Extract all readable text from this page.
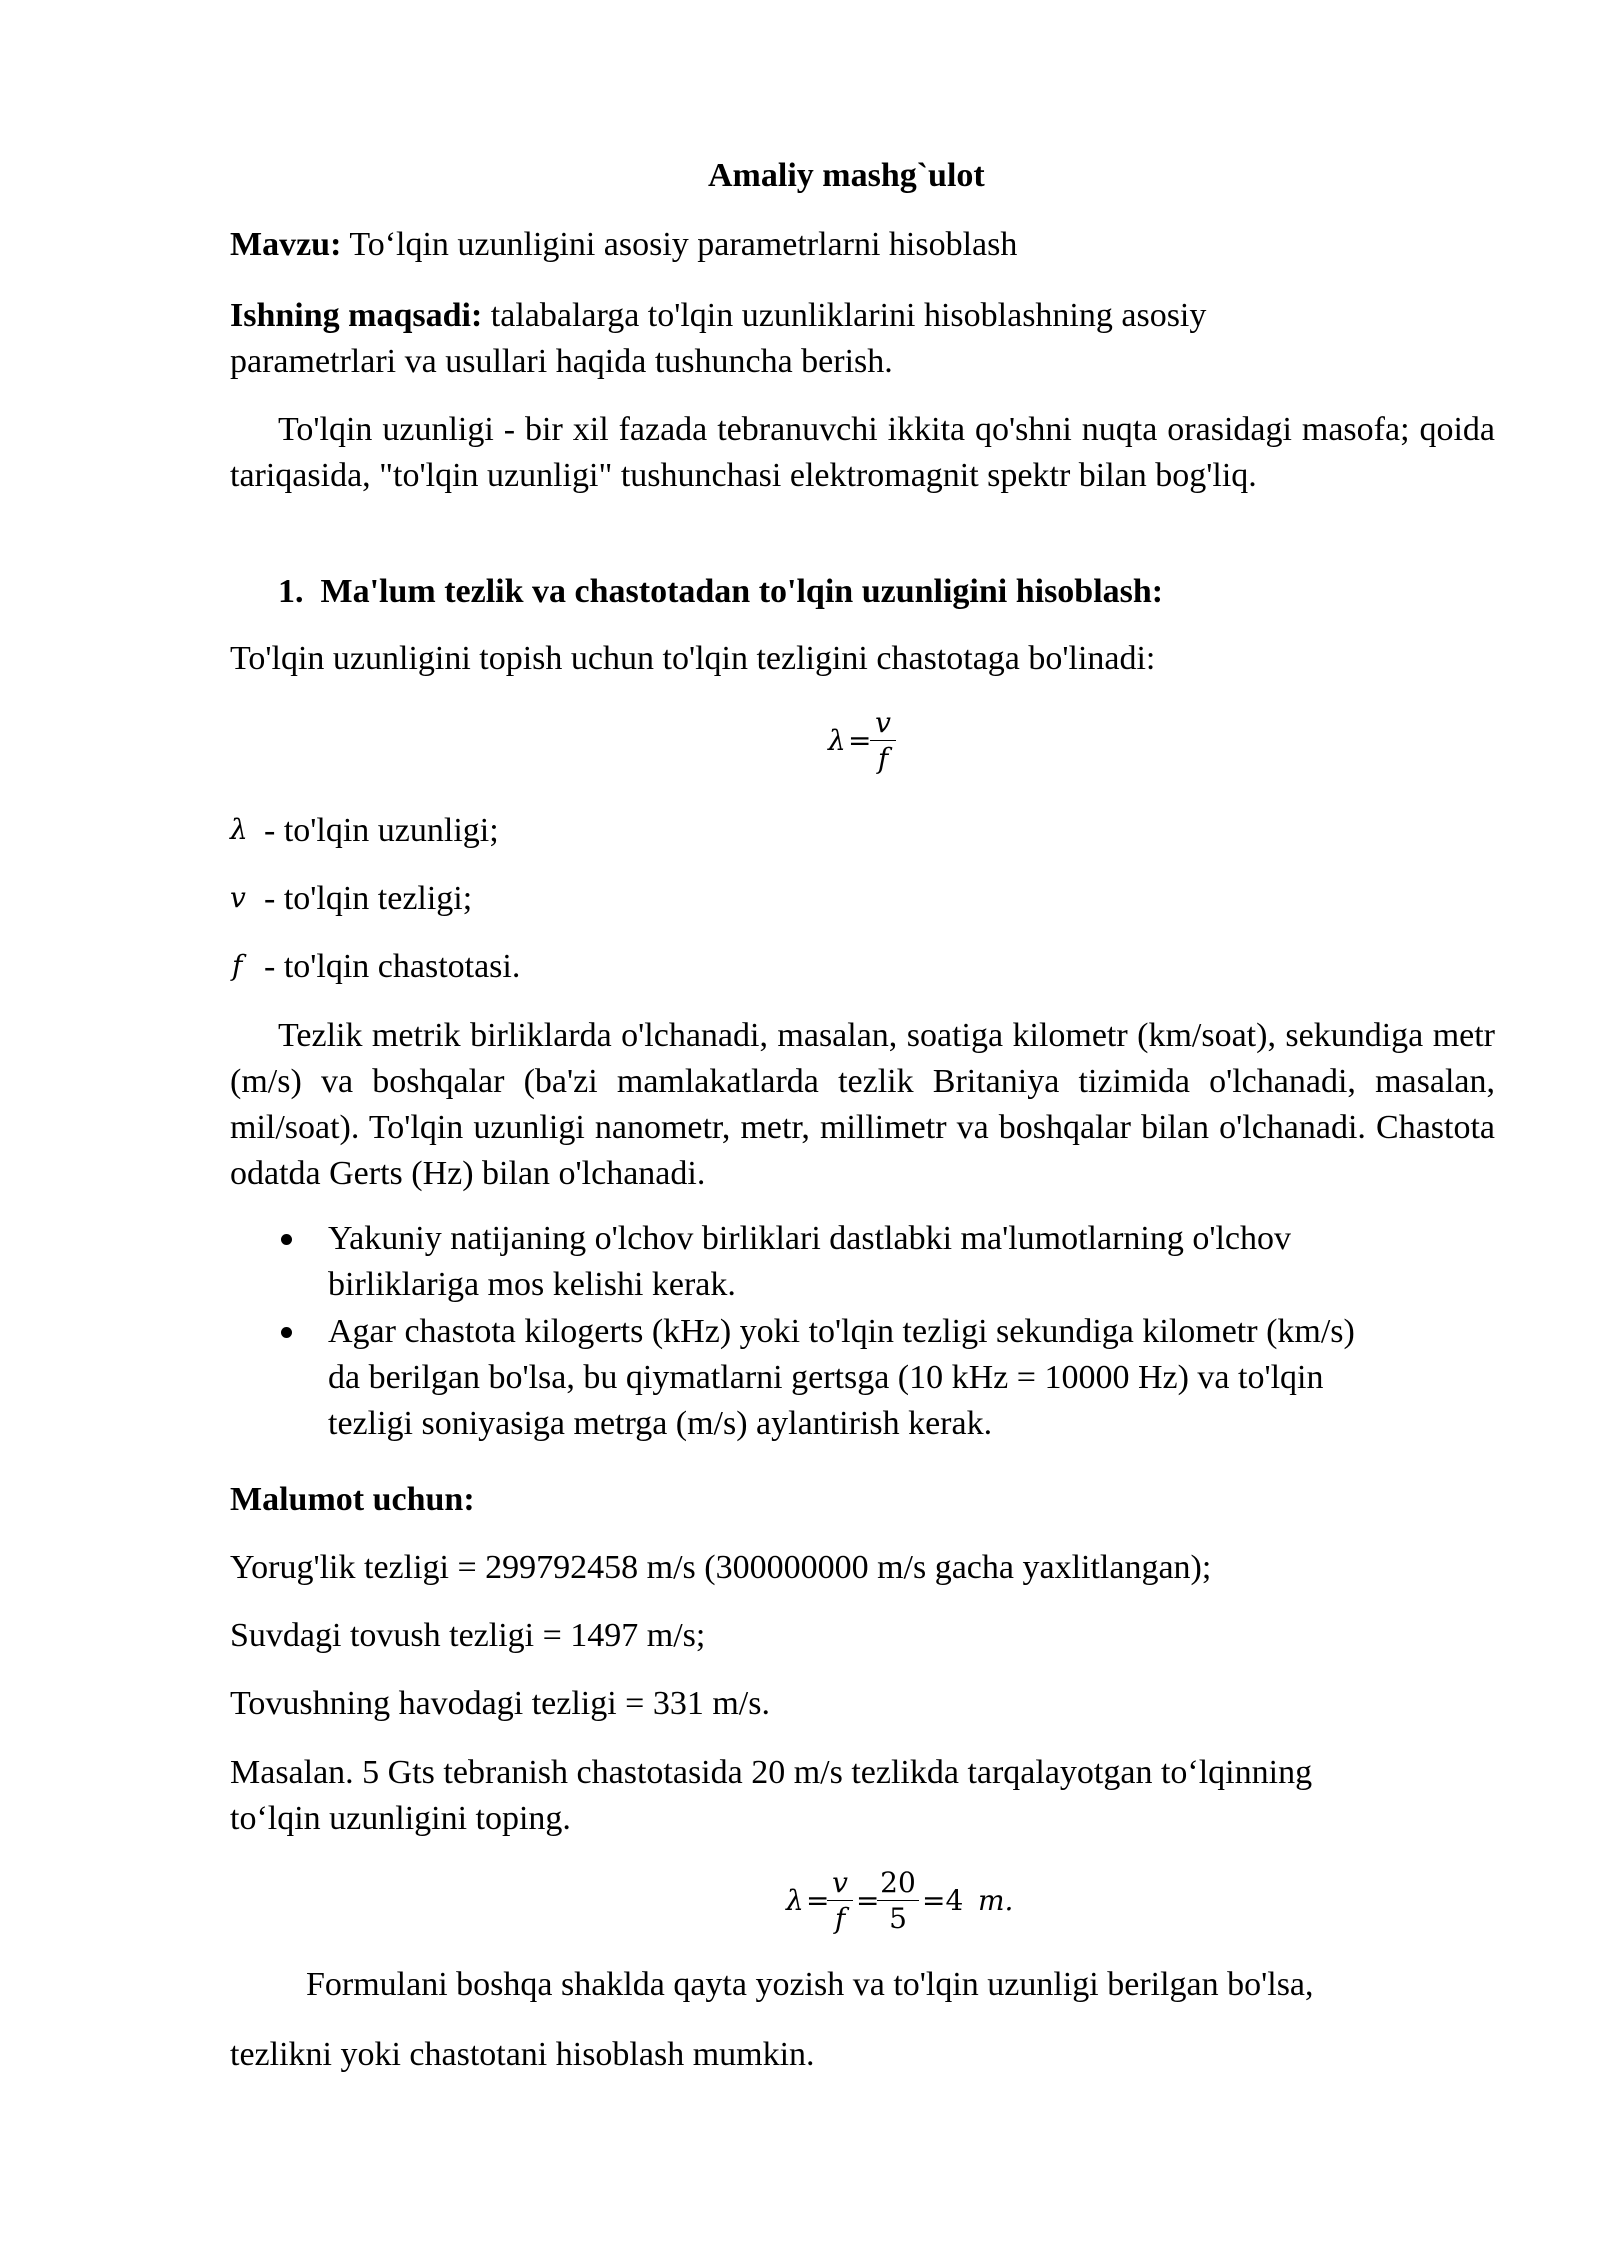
Amaliy mashg`ulot

Mavzu: To‘lqin uzunligini asosiy parametrlarni hisoblash

Ishning maqsadi: talabalarga to'lqin uzunliklarini hisoblashning asosiy

parametrlari va usullari haqida tushuncha berish.

To'lqin uzunligi - bir xil fazada tebranuvchi ikkita qo'shni nuqta orasidagi masofa; qoida tariqasida, "to'lqin uzunligi" tushunchasi elektromagnit spektr bilan bog'liq.

1. Ma'lum tezlik va chastotadan to'lqin uzunligini hisoblash:

To'lqin uzunligini topish uchun to'lqin tezligini chastotaga bo'linadi:

λ =
$\frac{v}{f}$
λ - to'lqin uzunligi;
v - to'lqin tezligi;
f - to'lqin chastotasi.

Tezlik metrik birliklarda o'lchanadi, masalan, soatiga kilometr (km/soat), sekundiga metr (m/s) va boshqalar (ba'zi mamlakatlarda tezlik Britaniya tizimida o'lchanadi, masalan, mil/soat). To'lqin uzunligi nanometr, metr, millimetr va boshqalar bilan o'lchanadi. Chastota odatda Gerts (Hz) bilan o'lchanadi.

Yakuniy natijaning o'lchov birliklari dastlabki ma'lumotlarning o'lchov

birliklariga mos kelishi kerak.

Agar chastota kilogerts (kHz) yoki to'lqin tezligi sekundiga kilometr (km/s)

da berilgan bo'lsa, bu qiymatlarni gertsga (10 kHz = 10000 Hz) va to'lqin

tezligi soniyasiga metrga (m/s) aylantirish kerak.

Malumot uchun:

Yorug'lik tezligi = 299792458 m/s (300000000 m/s gacha yaxlitlangan);

Suvdagi tovush tezligi = 1497 m/s;

Tovushning havodagi tezligi = 331 m/s.

Masalan. 5 Gts tebranish chastotasida 20 m/s tezlikda tarqalayotgan to‘lqinning

to‘lqin uzunligini toping.

λ =
$\frac{v}{f}$ =
$\frac{20}{5} =4$ m.

Formulani boshqa shaklda qayta yozish va to'lqin uzunligi berilgan bo'lsa,

tezlikni yoki chastotani hisoblash mumkin.
